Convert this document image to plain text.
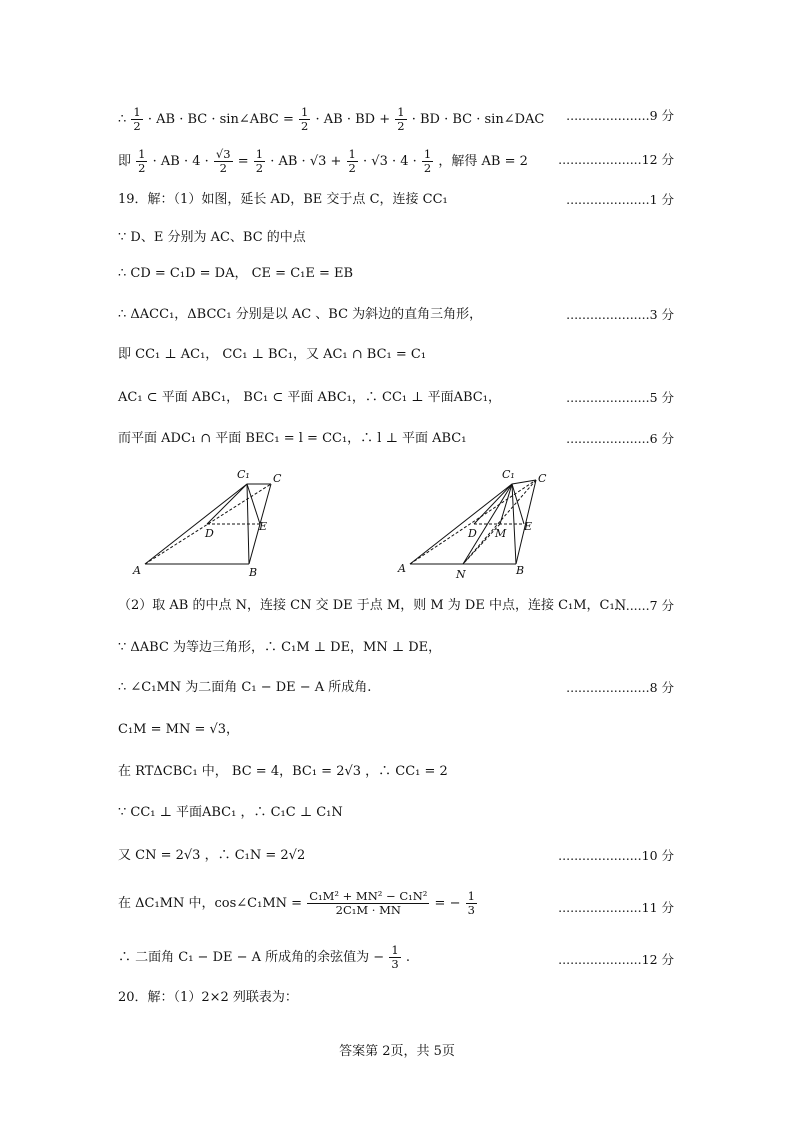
∴ $\frac{1}{2}$ · AB · BC · sin∠ABC = $\frac{1}{2}$ · AB · BD + $\frac{1}{2}$ · BD · BC · sin∠DAC .....................9 分
即 $\frac{1}{2}$ · AB · $4 \cdot \frac{√3}{2} = \frac{1}{2}$ · AB · $√3 + \frac{1}{2} \cdot √3 \cdot 4 \cdot \frac{1}{2}$ ，解得 AB = 2 .....................12 分
19．解：（1）如图，延长 AD，BE 交于点 C，连接 CC₁	.....................1 分
∵ D、E 分别为 AC、BC 的中点
∴ CD = C₁D = DA， CE = C₁E = EB
∴ ΔACC₁，ΔBCC₁ 分别是以 AC 、BC 为斜边的直角三角形，	.....................3 分
即 CC₁ ⊥ AC₁， CC₁ ⊥ BC₁，又 AC₁ ∩ BC₁ = C₁
AC₁ ⊂ 平面 ABC₁， BC₁ ⊂ 平面 ABC₁，∴ CC₁ ⊥ 平面ABC₁，	.....................5 分
而平面 ADC₁ ∩ 平面 BEC₁ = l = CC₁，∴ l ⊥ 平面 ABC₁	.....................6 分
C₁ C
D
E
A	B
C₁ C
D M
E
A	N	B
（2）取 AB 的中点 N，连接 CN 交 DE 于点 M，则 M 为 DE 中点，连接 C₁M，C₁N
.........7 分
∵ ΔABC 为等边三角形，∴ C₁M ⊥ DE，MN ⊥ DE，
∴ ∠C₁MN 为二面角 C₁ − DE − A 所成角.	.....................8 分
C₁M = MN = √3，
在 RTΔCBC₁ 中， BC = 4，BC₁ = 2√3 ，∴ CC₁ = 2
∵ CC₁ ⊥ 平面ABC₁ ，∴ C₁C ⊥ C₁N
又 CN = 2√3 ，∴ C₁N = 2√2	.....................10 分
在 ΔC₁MN 中，cos∠C₁MN = $\frac{\text{C₁M² + MN² − C₁N²}}{\text{2C₁M · MN}}$ = − $\frac{1}{3}$	.....................11 分
∴ 二面角 C₁ − DE − A 所成角的余弦值为 − $\frac{1}{3}$ .	.....................12 分
20．解：（1）2×2 列联表为：
答案第 2页，共 5页
